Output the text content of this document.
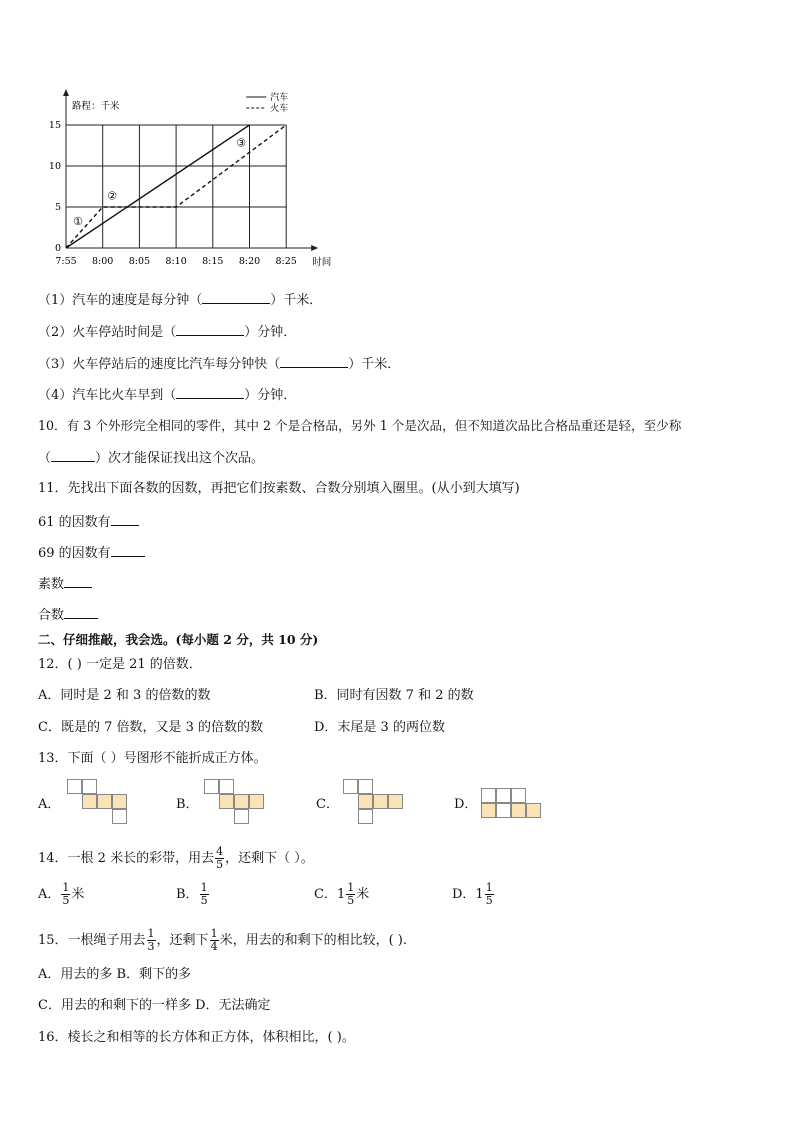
7:55 8:00 8:05 8:10 8:15 8:20 8:25
0
5
10
15
路程：千米
时间
汽车
火车
①
②
③
（1）汽车的速度是每分钟（	）千米．
（2）火车停站时间是（	）分钟．
（3）火车停站后的速度比汽车每分钟快（	）千米．
（4）汽车比火车早到（	）分钟．
10．有 3 个外形完全相同的零件，其中 2 个是合格品，另外 1 个是次品，但不知道次品比合格品重还是轻，至少称
（	）次才能保证找出这个次品。
11．先找出下面各数的因数，再把它们按素数、合数分别填入圈里。(从小到大填写)
61 的因数有
69 的因数有
素数
合数
二、仔细推敲，我会选。(每小题 2 分，共 10 分)
12．( ) 一定是 21 的倍数．
A．同时是 2 和 3 的倍数的数	B．同时有因数 7 和 2 的数
C．既是的 7 倍数，又是 3 的倍数的数	D．末尾是 3 的两位数
13．下面（ ）号图形不能折成正方体。
A．	B．	C．	D．
14．一根 2 米长的彩带，用去 $\frac{4}{5}$ ，还剩下（ ）。
A． $\frac{1}{5}$ 米	B． $\frac{1}{5}$	C．$1 \frac{1}{5}$ 米	D．$1 \frac{1}{5}$
15．一根绳子用去 $\frac{1}{3}$ ，还剩下 $\frac{1}{4}$ 米，用去的和剩下的相比较，( ).
A．用去的多 B．剩下的多
C．用去的和剩下的一样多 D．无法确定
16．棱长之和相等的长方体和正方体，体积相比，( )。
